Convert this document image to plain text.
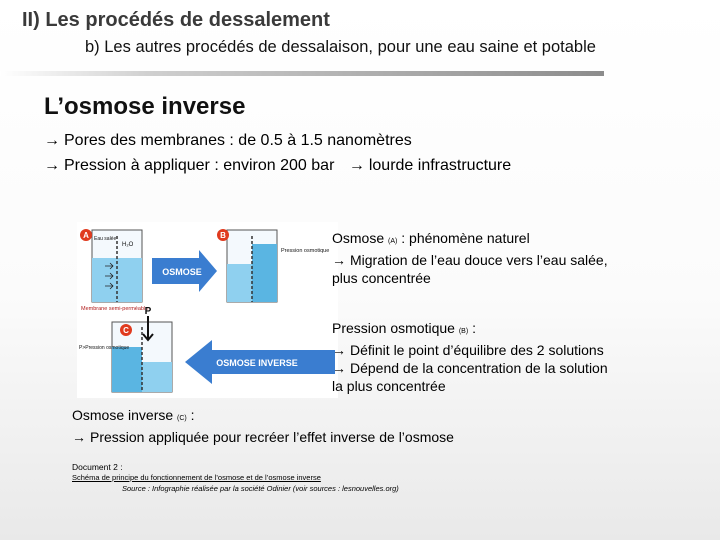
II) Les procédés de dessalement
b) Les autres procédés de dessalaison, pour une eau saine et potable
L’osmose inverse
→ Pores des membranes : de 0.5 à 1.5 nanomètres
→ Pression à appliquer : environ 200 bar → lourde infrastructure
A Eau salée
H₂O
OSMOSE
B
Pression osmotique
Membrane semi-perméable
P
C
P>Pression osmotique
OSMOSE INVERSE
Osmose (A) : phénomène naturel
→ Migration de l’eau douce vers l’eau salée,
plus concentrée
Pression osmotique (B) :
→ Définit le point d’équilibre des 2 solutions
→ Dépend de la concentration de la solution
la plus concentrée
Osmose inverse (C) :
→ Pression appliquée pour recréer l’effet inverse de l’osmose
Document 2 :
Schéma de principe du fonctionnement de l’osmose et de l’osmose inverse
Source : Infographie réalisée par la société Odinier (voir sources : lesnouvelles.org)
